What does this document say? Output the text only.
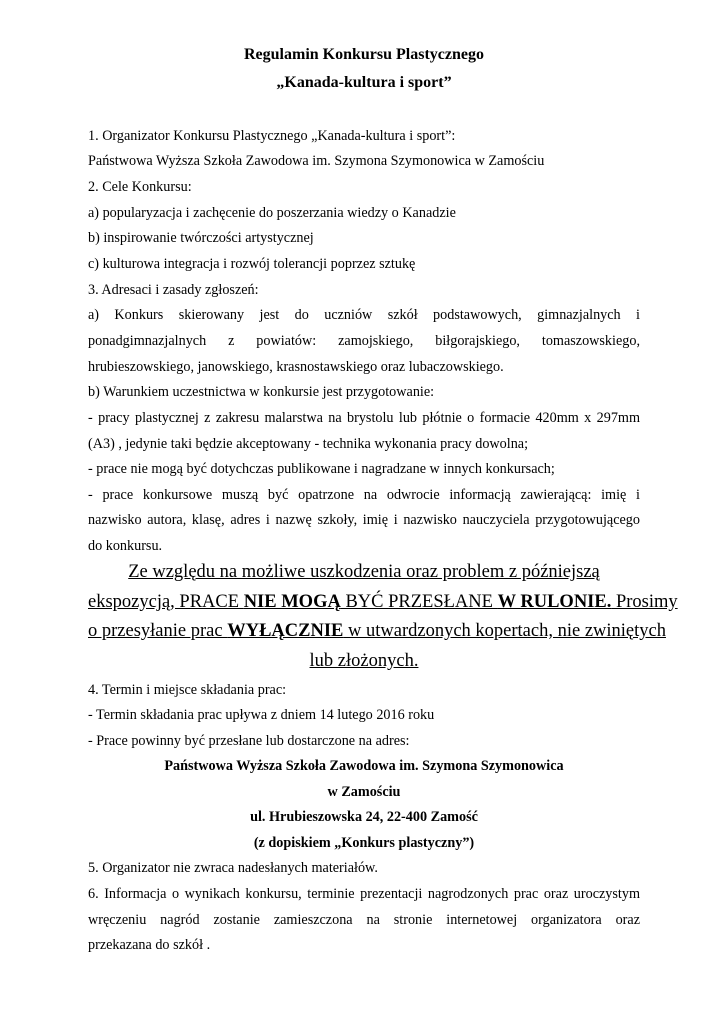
Regulamin Konkursu Plastycznego
„Kanada-kultura i sport”
1. Organizator Konkursu Plastycznego „Kanada-kultura i sport”:
Państwowa Wyższa Szkoła Zawodowa im. Szymona Szymonowica w Zamościu
2. Cele Konkursu:
a) popularyzacja i zachęcenie do poszerzania wiedzy o Kanadzie
b) inspirowanie twórczości artystycznej
c) kulturowa integracja i rozwój tolerancji poprzez sztukę
3. Adresaci i zasady zgłoszeń:
a) Konkurs skierowany jest do uczniów szkół podstawowych, gimnazjalnych i
ponadgimnazjalnych z powiatów: zamojskiego, biłgorajskiego, tomaszowskiego,
hrubieszowskiego, janowskiego, krasnostawskiego oraz lubaczowskiego.
b) Warunkiem uczestnictwa w konkursie jest przygotowanie:
- pracy plastycznej z zakresu malarstwa na brystolu lub płótnie o formacie 420mm x 297mm
(A3) , jedynie taki będzie akceptowany - technika wykonania pracy dowolna;
- prace nie mogą być dotychczas publikowane i nagradzane w innych konkursach;
- prace konkursowe muszą być opatrzone na odwrocie informacją zawierającą: imię i
nazwisko autora, klasę, adres i nazwę szkoły, imię i nazwisko nauczyciela przygotowującego
do konkursu.
Ze względu na możliwe uszkodzenia oraz problem z późniejszą
ekspozycją, PRACE NIE MOGĄ BYĆ PRZESŁANE W RULONIE. Prosimy
o przesyłanie prac WYŁĄCZNIE w utwardzonych kopertach, nie zwiniętych
lub złożonych.
4. Termin i miejsce składania prac:
- Termin składania prac upływa z dniem 14 lutego 2016 roku
- Prace powinny być przesłane lub dostarczone na adres:
Państwowa Wyższa Szkoła Zawodowa im. Szymona Szymonowica
w Zamościu
ul. Hrubieszowska 24, 22-400 Zamość
(z dopiskiem „Konkurs plastyczny”)
5. Organizator nie zwraca nadesłanych materiałów.
6. Informacja o wynikach konkursu, terminie prezentacji nagrodzonych prac oraz uroczystym
wręczeniu nagród zostanie zamieszczona na stronie internetowej organizatora oraz
przekazana do szkół .
